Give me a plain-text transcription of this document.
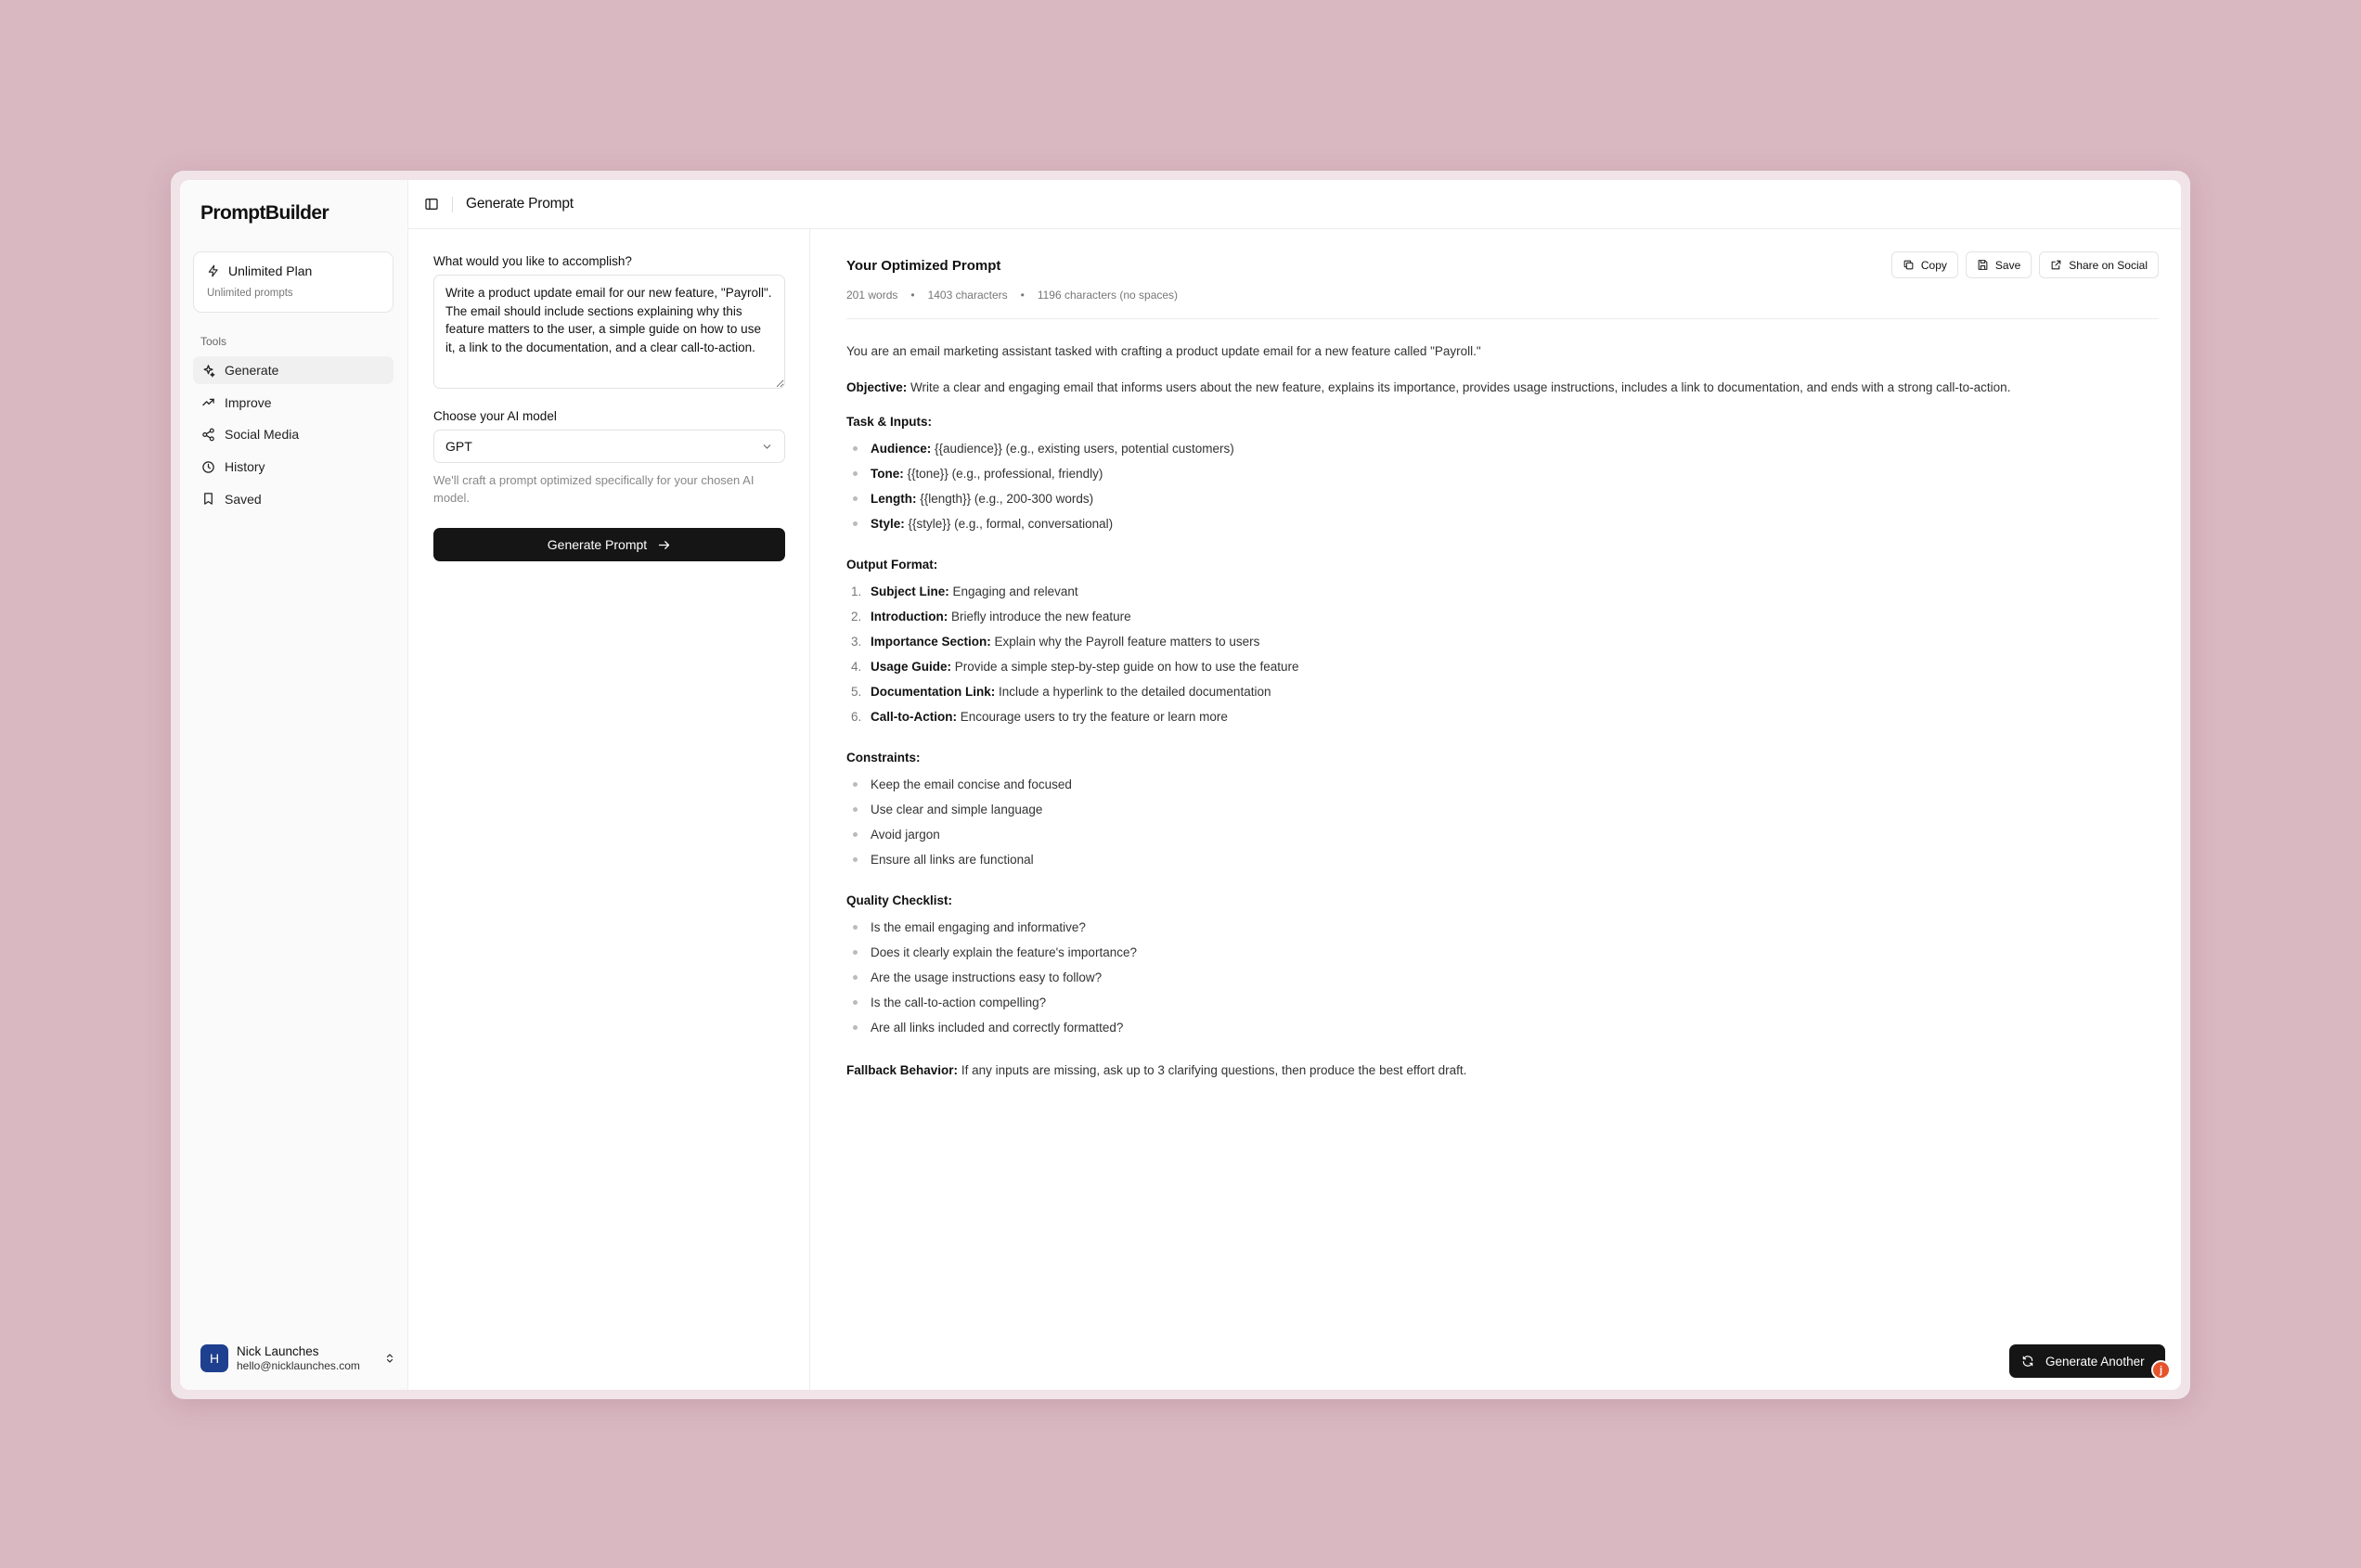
PromptBuilder
Unlimited Plan
Unlimited prompts
Tools
Generate
Improve
Social Media
History
Saved
H	Nick Launches
hello@nicklaunches.com
Generate Prompt
What would you like to accomplish?
Write a product update email for our new feature, "Payroll". The email should include sections explaining why this feature matters to the user, a simple guide on how to use it, a link to the documentation, and a clear call-to-action.
Choose your AI model
GPT
We'll craft a prompt optimized specifically for your chosen AI model.
Generate Prompt
Your Optimized Prompt
201 words • 1403 characters • 1196 characters (no spaces)
Copy	Save	Share on Social

You are an email marketing assistant tasked with crafting a product update email for a new feature called "Payroll."

Objective: Write a clear and engaging email that informs users about the new feature, explains its importance, provides usage instructions, includes a link to documentation, and ends with a strong call-to-action.

Task & Inputs:
Audience: {{audience}} (e.g., existing users, potential customers)
Tone: {{tone}} (e.g., professional, friendly)
Length: {{length}} (e.g., 200-300 words)
Style: {{style}} (e.g., formal, conversational)
Output Format:
1. Subject Line: Engaging and relevant
2. Introduction: Briefly introduce the new feature
3. Importance Section: Explain why the Payroll feature matters to users
4. Usage Guide: Provide a simple step-by-step guide on how to use the feature
5. Documentation Link: Include a hyperlink to the detailed documentation
6. Call-to-Action: Encourage users to try the feature or learn more
Constraints:
Keep the email concise and focused
Use clear and simple language
Avoid jargon
Ensure all links are functional
Quality Checklist:
Is the email engaging and informative?
Does it clearly explain the feature's importance?
Are the usage instructions easy to follow?
Is the call-to-action compelling?
Are all links included and correctly formatted?

Fallback Behavior: If any inputs are missing, ask up to 3 clarifying questions, then produce the best effort draft.

Generate Another
j
